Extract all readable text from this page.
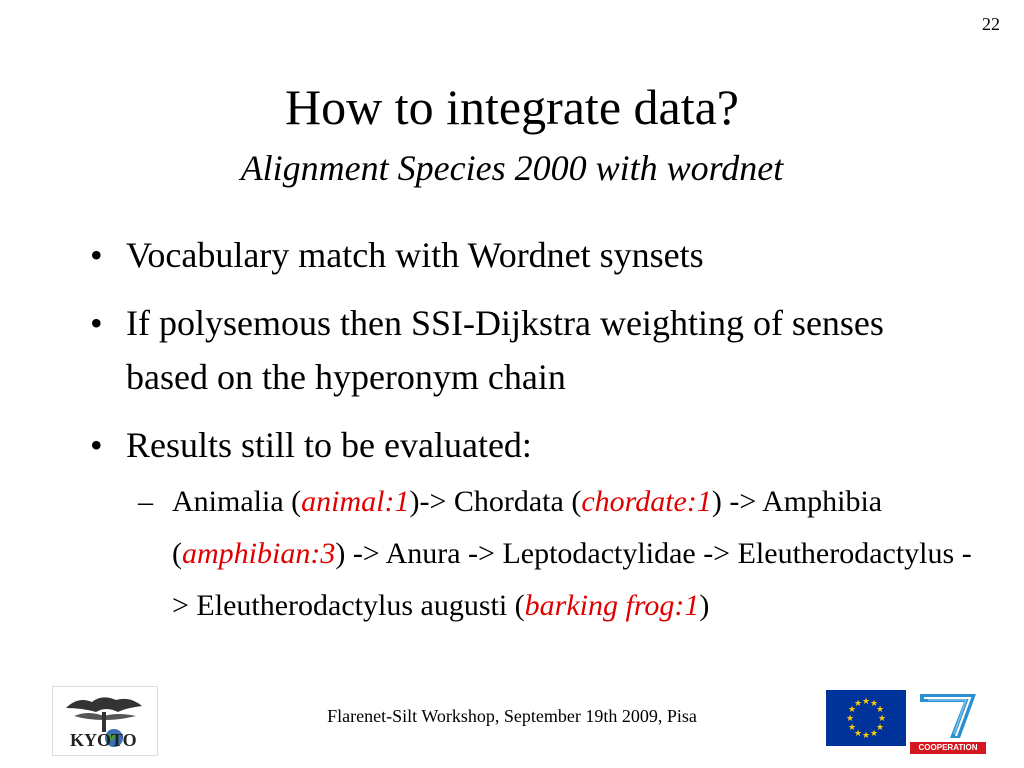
22
How to integrate data?
Alignment Species 2000 with wordnet
• Vocabulary match with Wordnet synsets
• If polysemous then SSI-Dijkstra weighting of senses based on the hyperonym chain
• Results still to be evaluated:
– Animalia (animal:1)-> Chordata (chordate:1) -> Amphibia (amphibian:3) -> Anura -> Leptodactylidae -> Eleutherodactylus -> Eleutherodactylus augusti (barking frog:1)
KYOTO
Flarenet-Silt Workshop, September 19th 2009, Pisa
★ ★
★
★
★
★
★
★
★
★
★
★
COOPERATION
